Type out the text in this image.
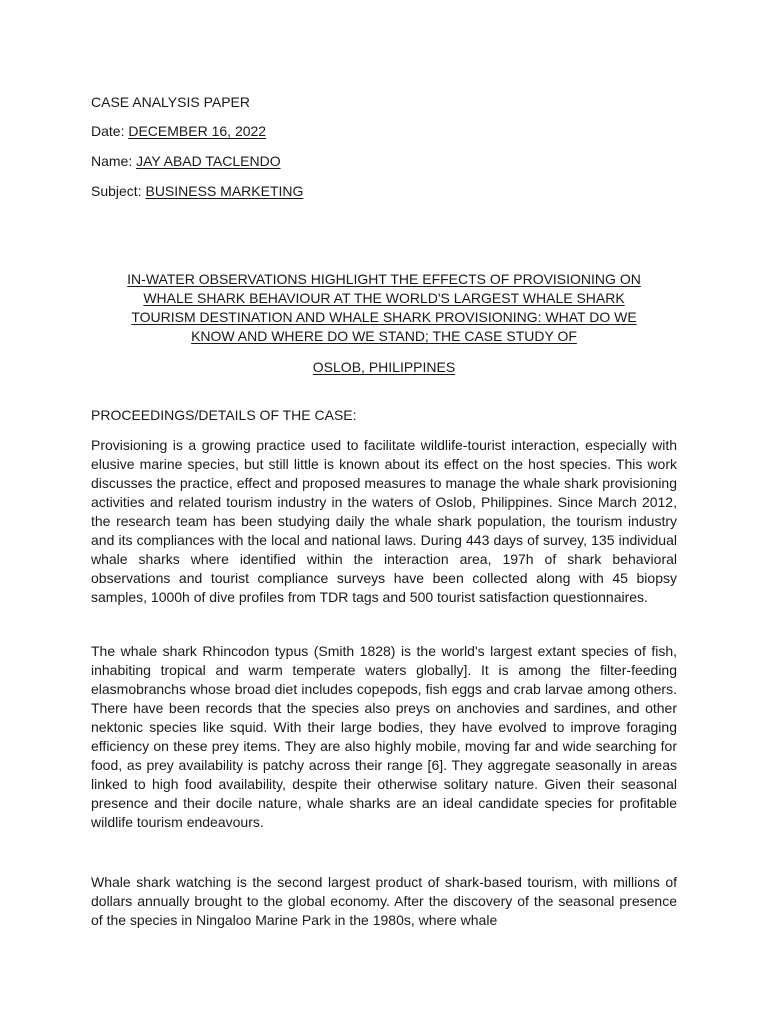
CASE ANALYSIS PAPER
Date: DECEMBER 16, 2022
Name: JAY ABAD TACLENDO
Subject: BUSINESS MARKETING
IN-WATER OBSERVATIONS HIGHLIGHT THE EFFECTS OF PROVISIONING ON
WHALE SHARK BEHAVIOUR AT THE WORLD'S LARGEST WHALE SHARK
TOURISM DESTINATION AND WHALE SHARK PROVISIONING: WHAT DO WE
KNOW AND WHERE DO WE STAND; THE CASE STUDY OF
OSLOB, PHILIPPINES
PROCEEDINGS/DETAILS OF THE CASE:

Provisioning is a growing practice used to facilitate wildlife-tourist interaction, especially with elusive marine species, but still little is known about its effect on the host species. This work discusses the practice, effect and proposed measures to manage the whale shark provisioning activities and related tourism industry in the waters of Oslob, Philippines. Since March 2012, the research team has been studying daily the whale shark population, the tourism industry and its compliances with the local and national laws. During 443 days of survey, 135 individual whale sharks where identified within the interaction area, 197h of shark behavioral observations and tourist compliance surveys have been collected along with 45 biopsy samples, 1000h of dive profiles from TDR tags and 500 tourist satisfaction questionnaires.

The whale shark Rhincodon typus (Smith 1828) is the world's largest extant species of fish, inhabiting tropical and warm temperate waters globally]. It is among the filter-feeding elasmobranchs whose broad diet includes copepods, fish eggs and crab larvae among others. There have been records that the species also preys on anchovies and sardines, and other nektonic species like squid. With their large bodies, they have evolved to improve foraging efficiency on these prey items. They are also highly mobile, moving far and wide searching for food, as prey availability is patchy across their range [6]. They aggregate seasonally in areas linked to high food availability, despite their otherwise solitary nature. Given their seasonal presence and their docile nature, whale sharks are an ideal candidate species for profitable wildlife tourism endeavours.

Whale shark watching is the second largest product of shark-based tourism, with millions of dollars annually brought to the global economy. After the discovery of the seasonal presence of the species in Ningaloo Marine Park in the 1980s, where whale
